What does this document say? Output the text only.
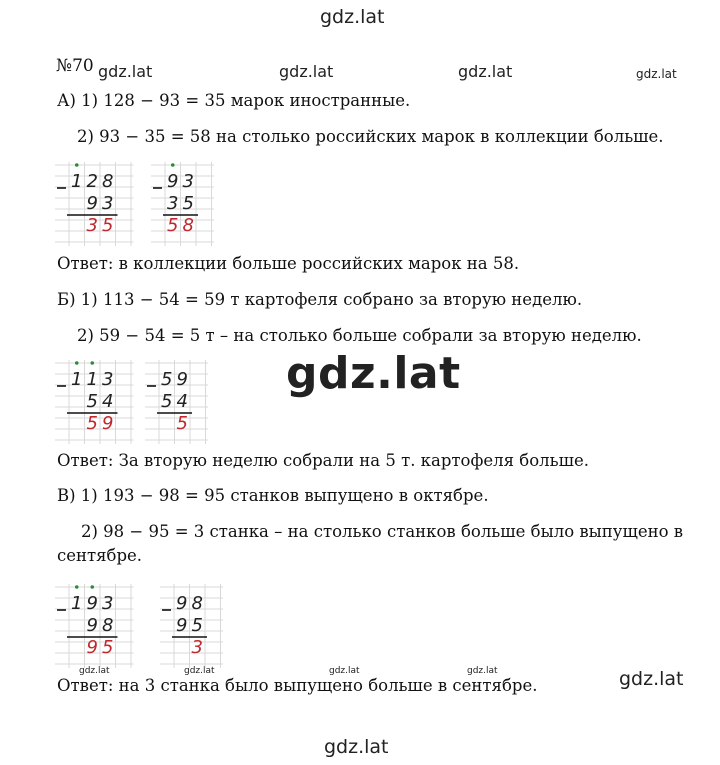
gdz.lat
gdz.lat	gdz.lat	gdz.lat	gdz.lat
gdz.lat
gdz.lat	gdz.lat	gdz.lat	gdz.lat	gdz.lat
gdz.lat
№70
А) 1) 128 − 93 = 35 марок иностранные.
2) 93 − 35 = 58 на столько российских марок в коллекции больше.
1 2 8
9 3
3 5
9 3
3 5
5 8
Ответ: в коллекции больше российских марок на 58.
Б) 1) 113 − 54 = 59 т картофеля собрано за вторую неделю.
2) 59 − 54 = 5 т – на столько больше собрали за вторую неделю.
1 1 3
5 4
5 9
5 9
5 4
5
Ответ: За вторую неделю собрали на 5 т. картофеля больше.
В) 1) 193 − 98 = 95 станков выпущено в октябре.
2) 98 − 95 = 3 станка – на столько станков больше было выпущено в
сентябре.
1 9 3
9 8
9 5
9 8
9 5
3
Ответ: на 3 станка было выпущено больше в сентябре.
